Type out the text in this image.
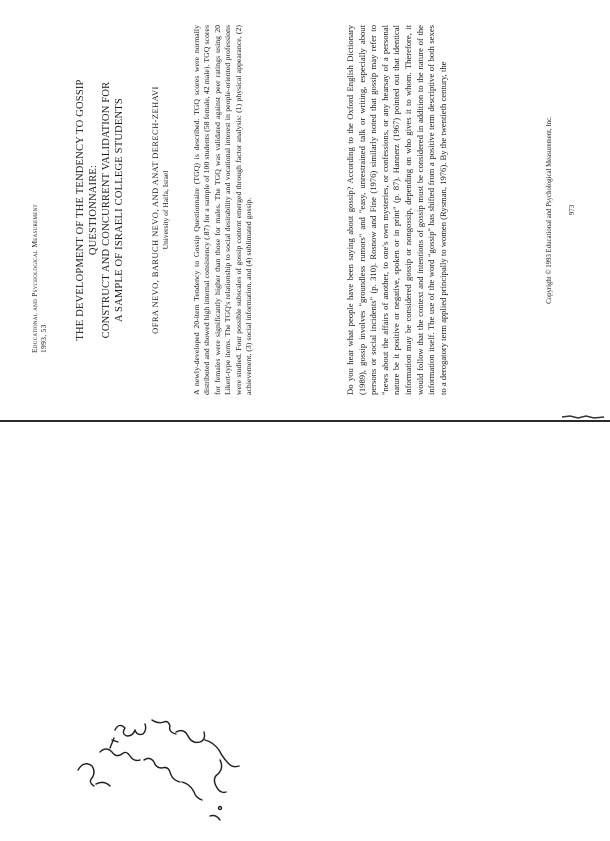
Educational and Psychological Measurement 1993, 53	THE DEVELOPMENT OF THE TENDENCY TO GOSSIP QUESTIONNAIRE: CONSTRUCT AND CONCURRENT VALIDATION FOR A SAMPLE OF ISRAELI COLLEGE STUDENTS	OFRA NEVO, BARUCH NEVO, AND ANAT DERECH-ZEHAVI University of Haifa, Israel	A newly-developed 20-item Tendency to Gossip Questionnaire (TGQ) is described. TGQ scores were normally distributed and showed high internal consistency (.87) for a sample of 100 students (58 female, 42 male). TGQ scores for females were significantly higher than those for males. The TGQ was validated against peer ratings using 20 Likert-type items. The TGQ's relationship to social desirability and vocational interest in people-oriented professions were studied. Four possible subscales of gossip content emerged through factor analysis: (1) physical appearance, (2) achievement, (3) social information, and (4) sublimated gossip.	Do you hear what people have been saying about gossip? According to the Oxford English Dictionary (1989), gossip involves "groundless rumors" and "easy, unrestrained talk or writing, especially about persons or social incidents" (p. 310). Rosnow and Fine (1976) similarly noted that gossip may refer to "news about the affairs of another, to one's own mysteries, or confessions, or any hearsay of a personal nature be it positive or negative, spoken or in print" (p. 87). Hannerz (1967) pointed out that identical information may be considered gossip or nongossip, depending on who gives it to whom. Therefore, it would follow that the context and intentions of gossip must be considered in addition to the nature of the information itself. The use of the word "gossip" has shifted from a positive term descriptive of both sexes to a derogatory term applied principally to women (Rysman, 1976). By the twentieth century, the	Copyright © 1993 Educational and Psychological Measurement, Inc. 973
